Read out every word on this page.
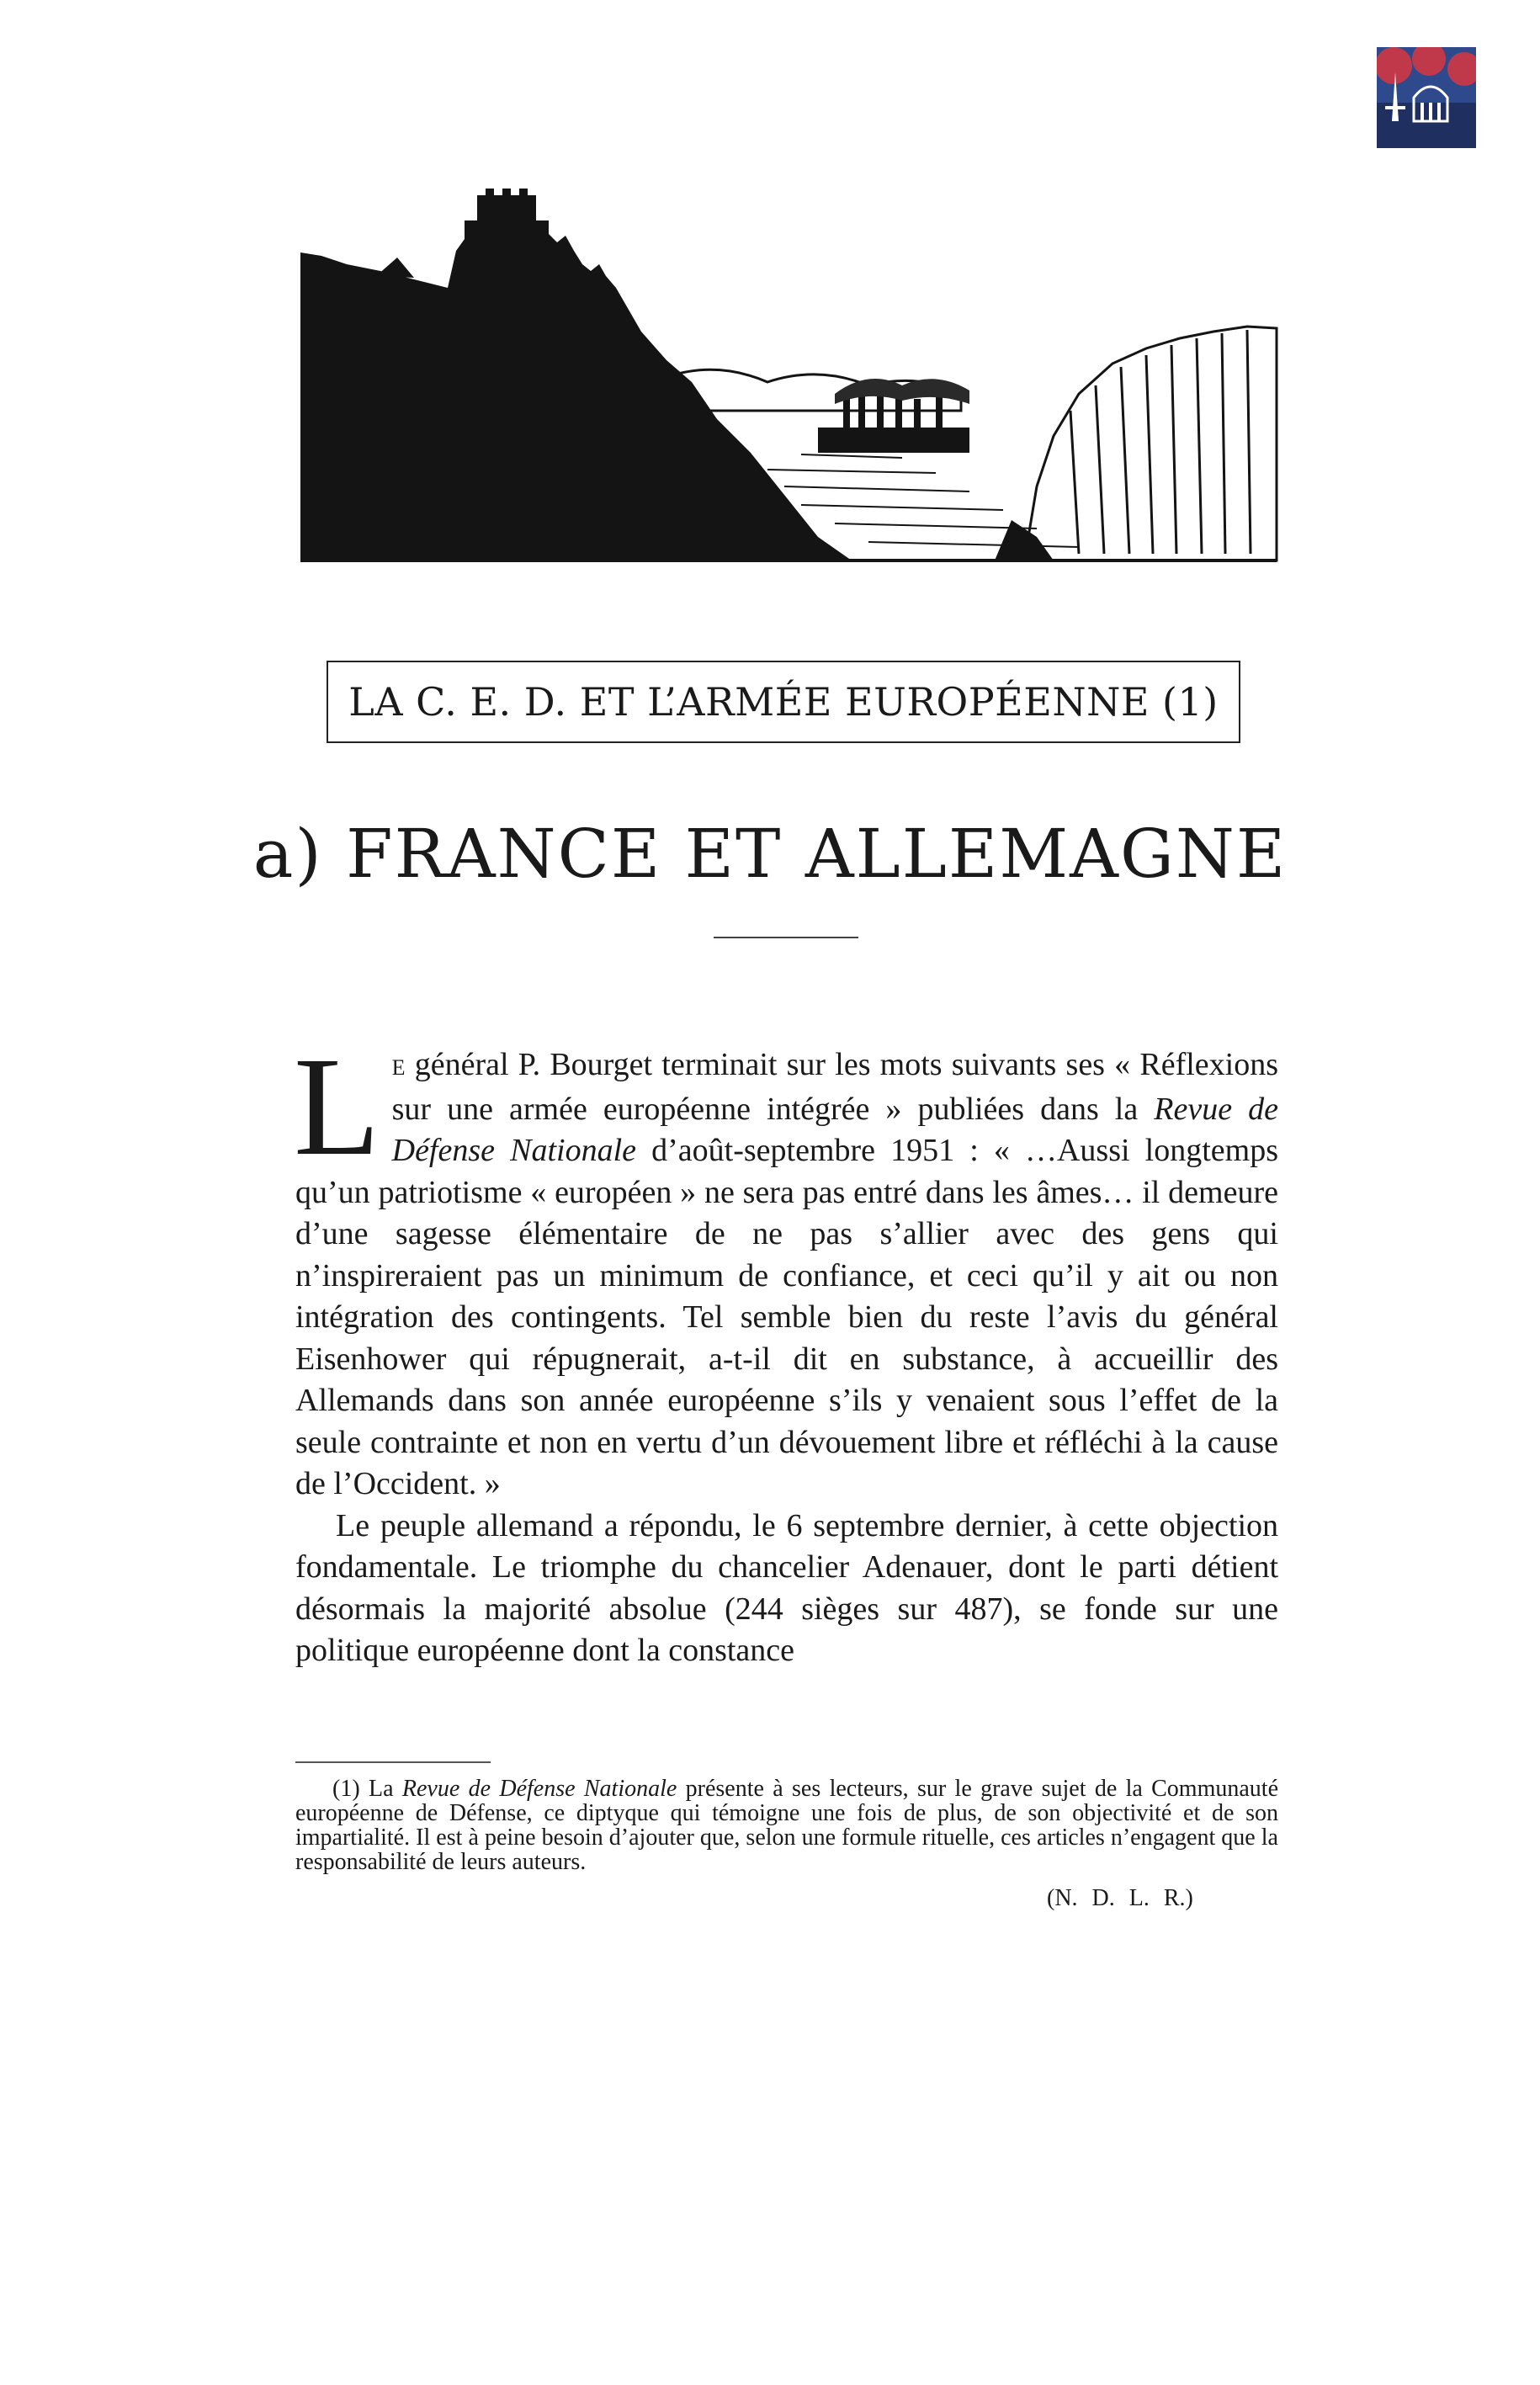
LA C. E. D. ET L’ARMÉE EUROPÉENNE (1)
a) FRANCE ET ALLEMAGNE

L E général P. Bourget terminait sur les mots suivants ses « Réflexions sur une armée européenne intégrée » publiées dans la Revue de Défense Nationale d’août-septembre 1951 : « …Aussi longtemps qu’un patriotisme « européen » ne sera pas entré dans les âmes… il demeure d’une sagesse élémentaire de ne pas s’allier avec des gens qui n’inspireraient pas un minimum de confiance, et ceci qu’il y ait ou non intégration des contingents. Tel semble bien du reste l’avis du général Eisenhower qui répugnerait, a-t-il dit en substance, à accueillir des Allemands dans son année européenne s’ils y venaient sous l’effet de la seule contrainte et non en vertu d’un dévouement libre et réfléchi à la cause de l’Occident. »

Le peuple allemand a répondu, le 6 septembre dernier, à cette objection fondamentale. Le triomphe du chancelier Adenauer, dont le parti détient désormais la majorité absolue (244 sièges sur 487), se fonde sur une politique européenne dont la constance

(1) La Revue de Défense Nationale présente à ses lecteurs, sur le grave sujet de la Communauté européenne de Défense, ce diptyque qui témoigne une fois de plus, de son objectivité et de son impartialité. Il est à peine besoin d’ajouter que, selon une formule rituelle, ces articles n’engagent que la responsabilité de leurs auteurs.

(N. D. L. R.)
